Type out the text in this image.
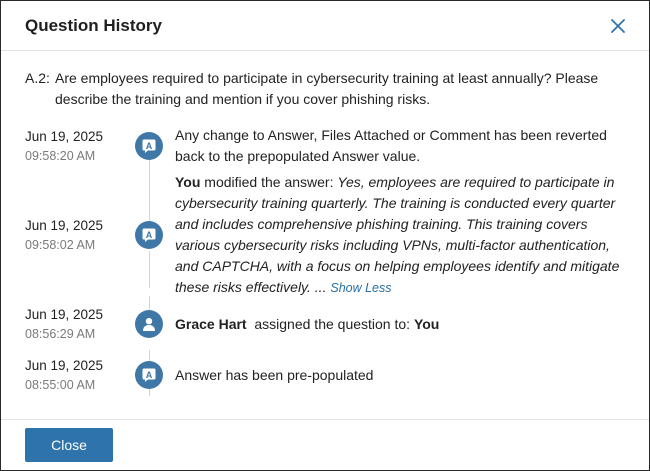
Question History
A.2: Are employees required to participate in cybersecurity training at least annually? Please describe the training and mention if you cover phishing risks.
Jun 19, 2025
09:58:20 AM
A
Any change to Answer, Files Attached or Comment has been reverted back to the prepopulated Answer value.
Jun 19, 2025
09:58:02 AM
A
You modified the answer: Yes, employees are required to participate in cybersecurity training quarterly. The training is conducted every quarter and includes comprehensive phishing training. This training covers various cybersecurity risks including VPNs, multi-factor authentication, and CAPTCHA, with a focus on helping employees identify and mitigate these risks effectively. ... Show Less
Jun 19, 2025
08:56:29 AM
Grace Hart assigned the question to: You
Jun 19, 2025
08:55:00 AM
A Answer has been pre-populated
Close
